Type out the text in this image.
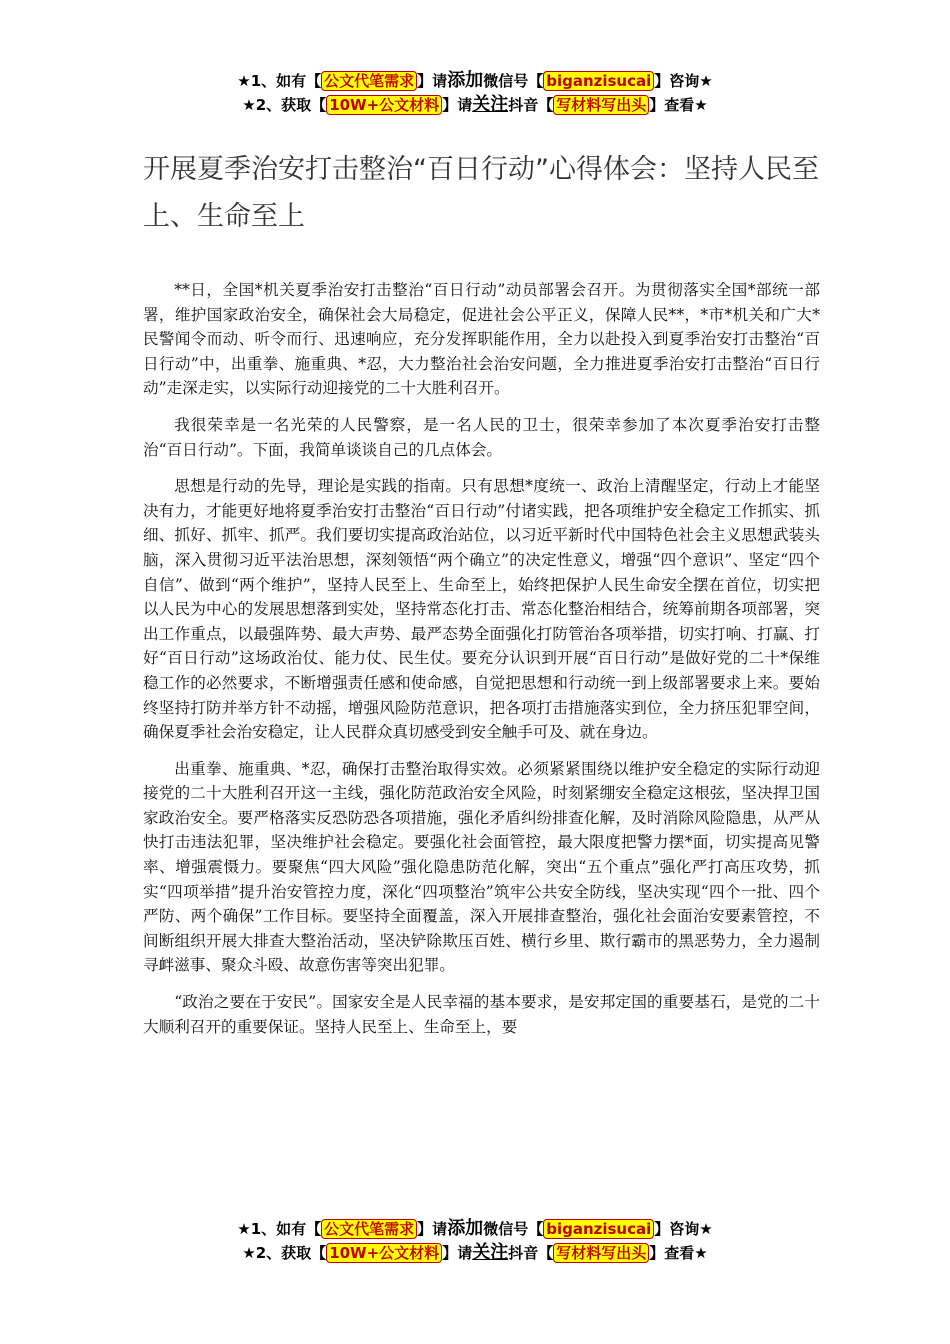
★1、如有【 公文代笔需求 】请添加微信号【 biganzisucai 】咨询★
★2、获取【 10W+公文材料 】请关注抖音【 写材料写出头 】查看★
开展夏季治安打击整治“百日行动”心得体会：坚持人民至上、生命至上

**日，全国*机关夏季治安打击整治“百日行动”动员部署会召开。为贯彻落实全国*部统一部署，维护国家政治安全，确保社会大局稳定，促进社会公平正义，保障人民**，*市*机关和广大*民警闻令而动、听令而行、迅速响应，充分发挥职能作用，全力以赴投入到夏季治安打击整治“百日行动”中，出重拳、施重典、*忍，大力整治社会治安问题，全力推进夏季治安打击整治“百日行动”走深走实，以实际行动迎接党的二十大胜利召开。

我很荣幸是一名光荣的人民警察，是一名人民的卫士，很荣幸参加了本次夏季治安打击整治“百日行动”。下面，我简单谈谈自己的几点体会。

思想是行动的先导，理论是实践的指南。只有思想*度统一、政治上清醒坚定，行动上才能坚决有力，才能更好地将夏季治安打击整治“百日行动”付诸实践，把各项维护安全稳定工作抓实、抓细、抓好、抓牢、抓严。我们要切实提高政治站位，以习近平新时代中国特色社会主义思想武装头脑，深入贯彻习近平法治思想，深刻领悟“两个确立”的决定性意义，增强“四个意识”、坚定“四个自信”、做到“两个维护”，坚持人民至上、生命至上，始终把保护人民生命安全摆在首位，切实把以人民为中心的发展思想落到实处，坚持常态化打击、常态化整治相结合，统筹前期各项部署，突出工作重点，以最强阵势、最大声势、最严态势全面强化打防管治各项举措，切实打响、打赢、打好“百日行动”这场政治仗、能力仗、民生仗。要充分认识到开展“百日行动”是做好党的二十*保维稳工作的必然要求，不断增强责任感和使命感，自觉把思想和行动统一到上级部署要求上来。要始终坚持打防并举方针不动摇，增强风险防范意识，把各项打击措施落实到位，全力挤压犯罪空间，确保夏季社会治安稳定，让人民群众真切感受到安全触手可及、就在身边。

出重拳、施重典、*忍，确保打击整治取得实效。必须紧紧围绕以维护安全稳定的实际行动迎接党的二十大胜利召开这一主线，强化防范政治安全风险，时刻紧绷安全稳定这根弦，坚决捍卫国家政治安全。要严格落实反恐防恐各项措施，强化矛盾纠纷排查化解，及时消除风险隐患，从严从快打击违法犯罪，坚决维护社会稳定。要强化社会面管控，最大限度把警力摆*面，切实提高见警率、增强震慑力。要聚焦“四大风险”强化隐患防范化解，突出“五个重点”强化严打高压攻势，抓实“四项举措”提升治安管控力度，深化“四项整治”筑牢公共安全防线，坚决实现“四个一批、四个严防、两个确保”工作目标。要坚持全面覆盖，深入开展排查整治，强化社会面治安要素管控，不间断组织开展大排查大整治活动，坚决铲除欺压百姓、横行乡里、欺行霸市的黑恶势力，全力遏制寻衅滋事、聚众斗殴、故意伤害等突出犯罪。

“政治之要在于安民”。国家安全是人民幸福的基本要求，是安邦定国的重要基石，是党的二十大顺利召开的重要保证。坚持人民至上、生命至上，要

★1、如有【 公文代笔需求 】请添加微信号【 biganzisucai 】咨询★
★2、获取【 10W+公文材料 】请关注抖音【 写材料写出头 】查看★
